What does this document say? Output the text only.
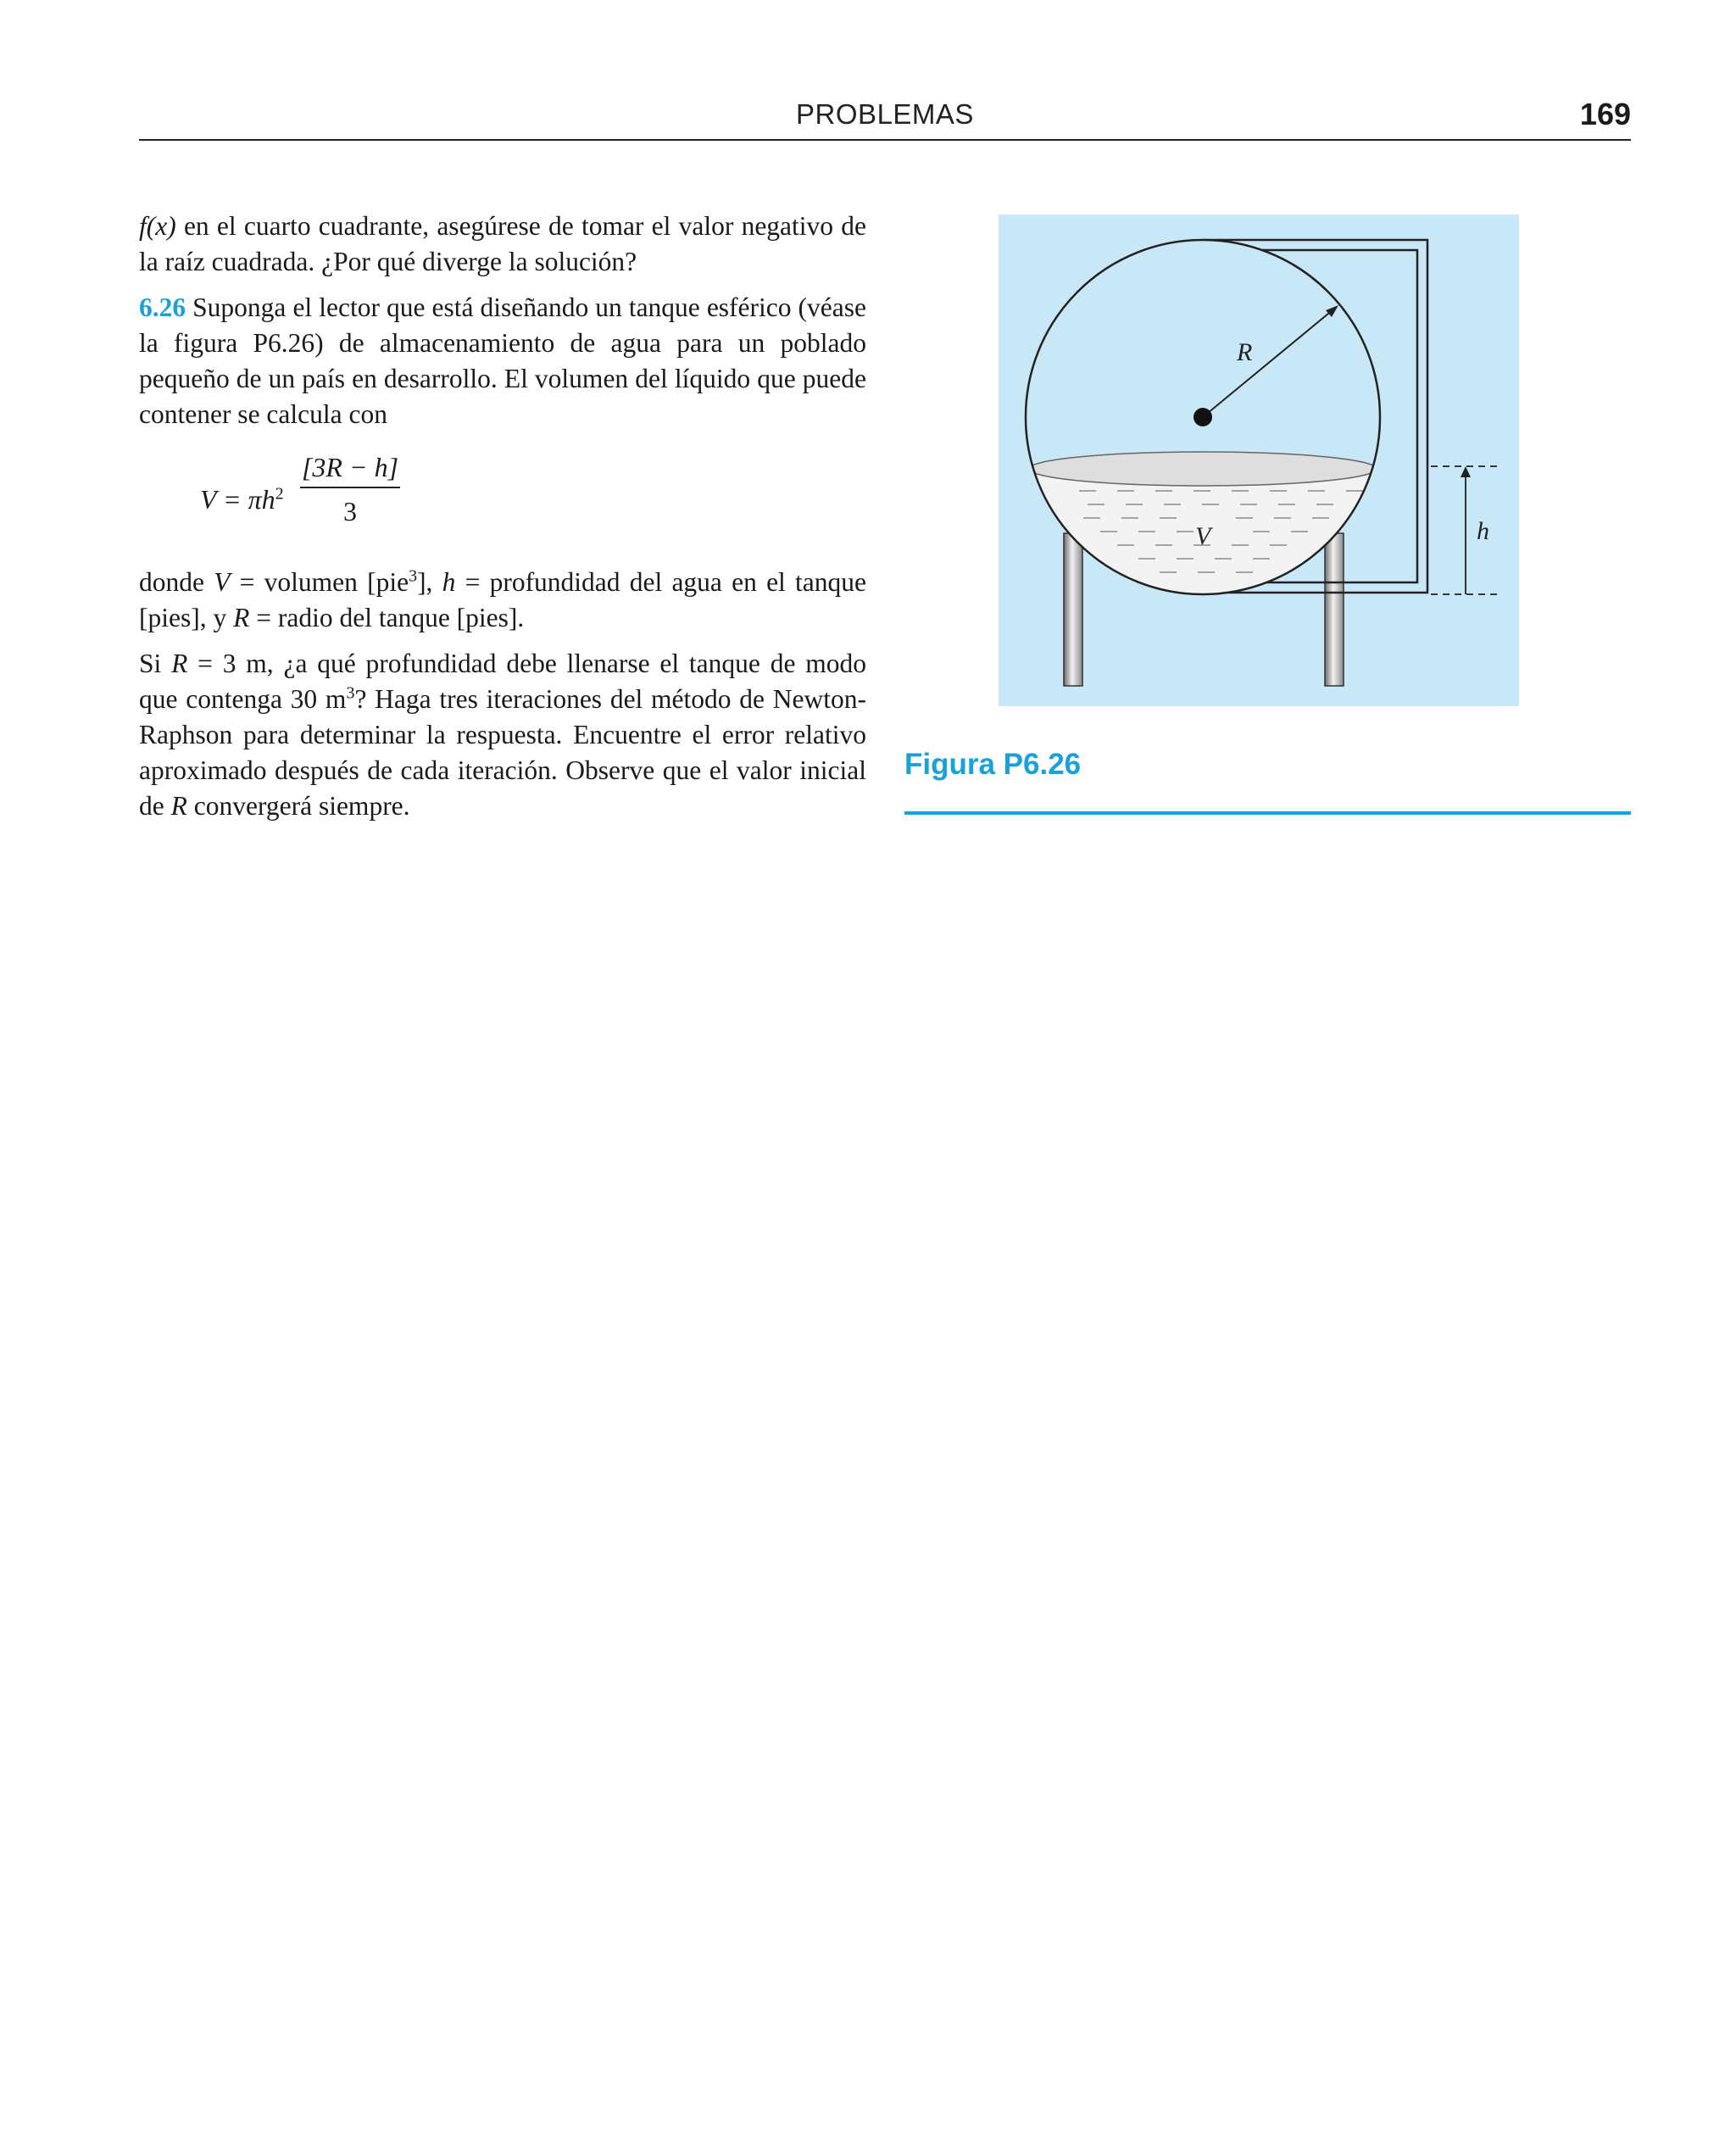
PROBLEMAS	169

f(x) en el cuarto cuadrante, asegúrese de tomar el valor negativo de la raíz cuadrada. ¿Por qué diverge la solución?

6.26 Suponga el lector que está diseñando un tanque esférico (véase la figura P6.26) de almacenamiento de agua para un poblado pequeño de un país en desarrollo. El volumen del líquido que puede contener se calcula con

$V = \pi h^2 \frac{[3R - h]}{3}$

donde V = volumen [pie$^3$], h = profundidad del agua en el tanque [pies], y R = radio del tanque [pies].

Si R = 3 m, ¿a qué profundidad debe llenarse el tanque de modo que contenga 30 $m^3$? Haga tres iteraciones del método de Newton-Raphson para determinar la respuesta. Encuentre el error relativo aproximado después de cada iteración. Observe que el valor inicial de R convergerá siempre.

R
V	h
Figura P6.26
